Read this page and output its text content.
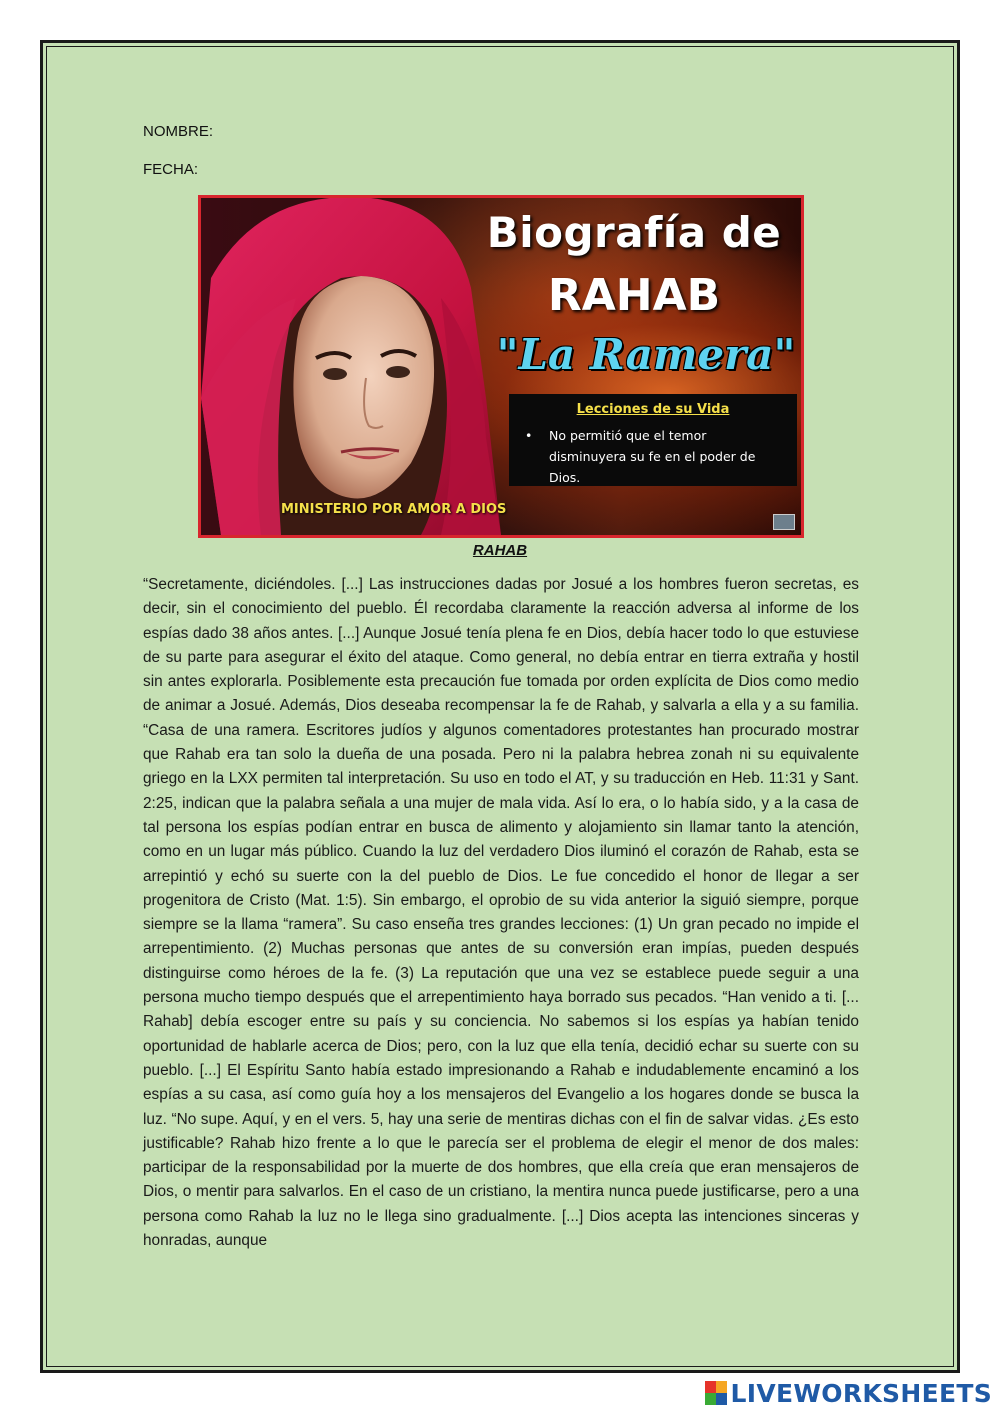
NOMBRE:
FECHA:
Biografía de
RAHAB
"La Ramera"
Lecciones de su Vida
• No permitió que el temor disminuyera su fe en el poder de Dios.
MINISTERIO POR AMOR A DIOS
RAHAB

“Secretamente, diciéndoles. [...] Las instrucciones dadas por Josué a los hombres fueron secretas, es decir, sin el conocimiento del pueblo. Él recordaba claramente la reacción adversa al informe de los espías dado 38 años antes. [...] Aunque Josué tenía plena fe en Dios, debía hacer todo lo que estuviese de su parte para asegurar el éxito del ataque. Como general, no debía entrar en tierra extraña y hostil sin antes explorarla. Posiblemente esta precaución fue tomada por orden explícita de Dios como medio de animar a Josué. Además, Dios deseaba recompensar la fe de Rahab, y salvarla a ella y a su familia. “Casa de una ramera. Escritores judíos y algunos comentadores protestantes han procurado mostrar que Rahab era tan solo la dueña de una posada. Pero ni la palabra hebrea zonah ni su equivalente griego en la LXX permiten tal interpretación. Su uso en todo el AT, y su traducción en Heb. 11:31 y Sant. 2:25, indican que la palabra señala a una mujer de mala vida. Así lo era, o lo había sido, y a la casa de tal persona los espías podían entrar en busca de alimento y alojamiento sin llamar tanto la atención, como en un lugar más público. Cuando la luz del verdadero Dios iluminó el corazón de Rahab, esta se arrepintió y echó su suerte con la del pueblo de Dios. Le fue concedido el honor de llegar a ser progenitora de Cristo (Mat. 1:5). Sin embargo, el oprobio de su vida anterior la siguió siempre, porque siempre se la llama “ramera”. Su caso enseña tres grandes lecciones: (1) Un gran pecado no impide el arrepentimiento. (2) Muchas personas que antes de su conversión eran impías, pueden después distinguirse como héroes de la fe. (3) La reputación que una vez se establece puede seguir a una persona mucho tiempo después que el arrepentimiento haya borrado sus pecados. “Han venido a ti. [... Rahab] debía escoger entre su país y su conciencia. No sabemos si los espías ya habían tenido oportunidad de hablarle acerca de Dios; pero, con la luz que ella tenía, decidió echar su suerte con su pueblo. [...] El Espíritu Santo había estado impresionando a Rahab e indudablemente encaminó a los espías a su casa, así como guía hoy a los mensajeros del Evangelio a los hogares donde se busca la luz. “No supe. Aquí, y en el vers. 5, hay una serie de mentiras dichas con el fin de salvar vidas. ¿Es esto justificable? Rahab hizo frente a lo que le parecía ser el problema de elegir el menor de dos males: participar de la responsabilidad por la muerte de dos hombres, que ella creía que eran mensajeros de Dios, o mentir para salvarlos. En el caso de un cristiano, la mentira nunca puede justificarse, pero a una persona como Rahab la luz no le llega sino gradualmente. [...] Dios acepta las intenciones sinceras y honradas, aunque

LIVEWORKSHEETS
